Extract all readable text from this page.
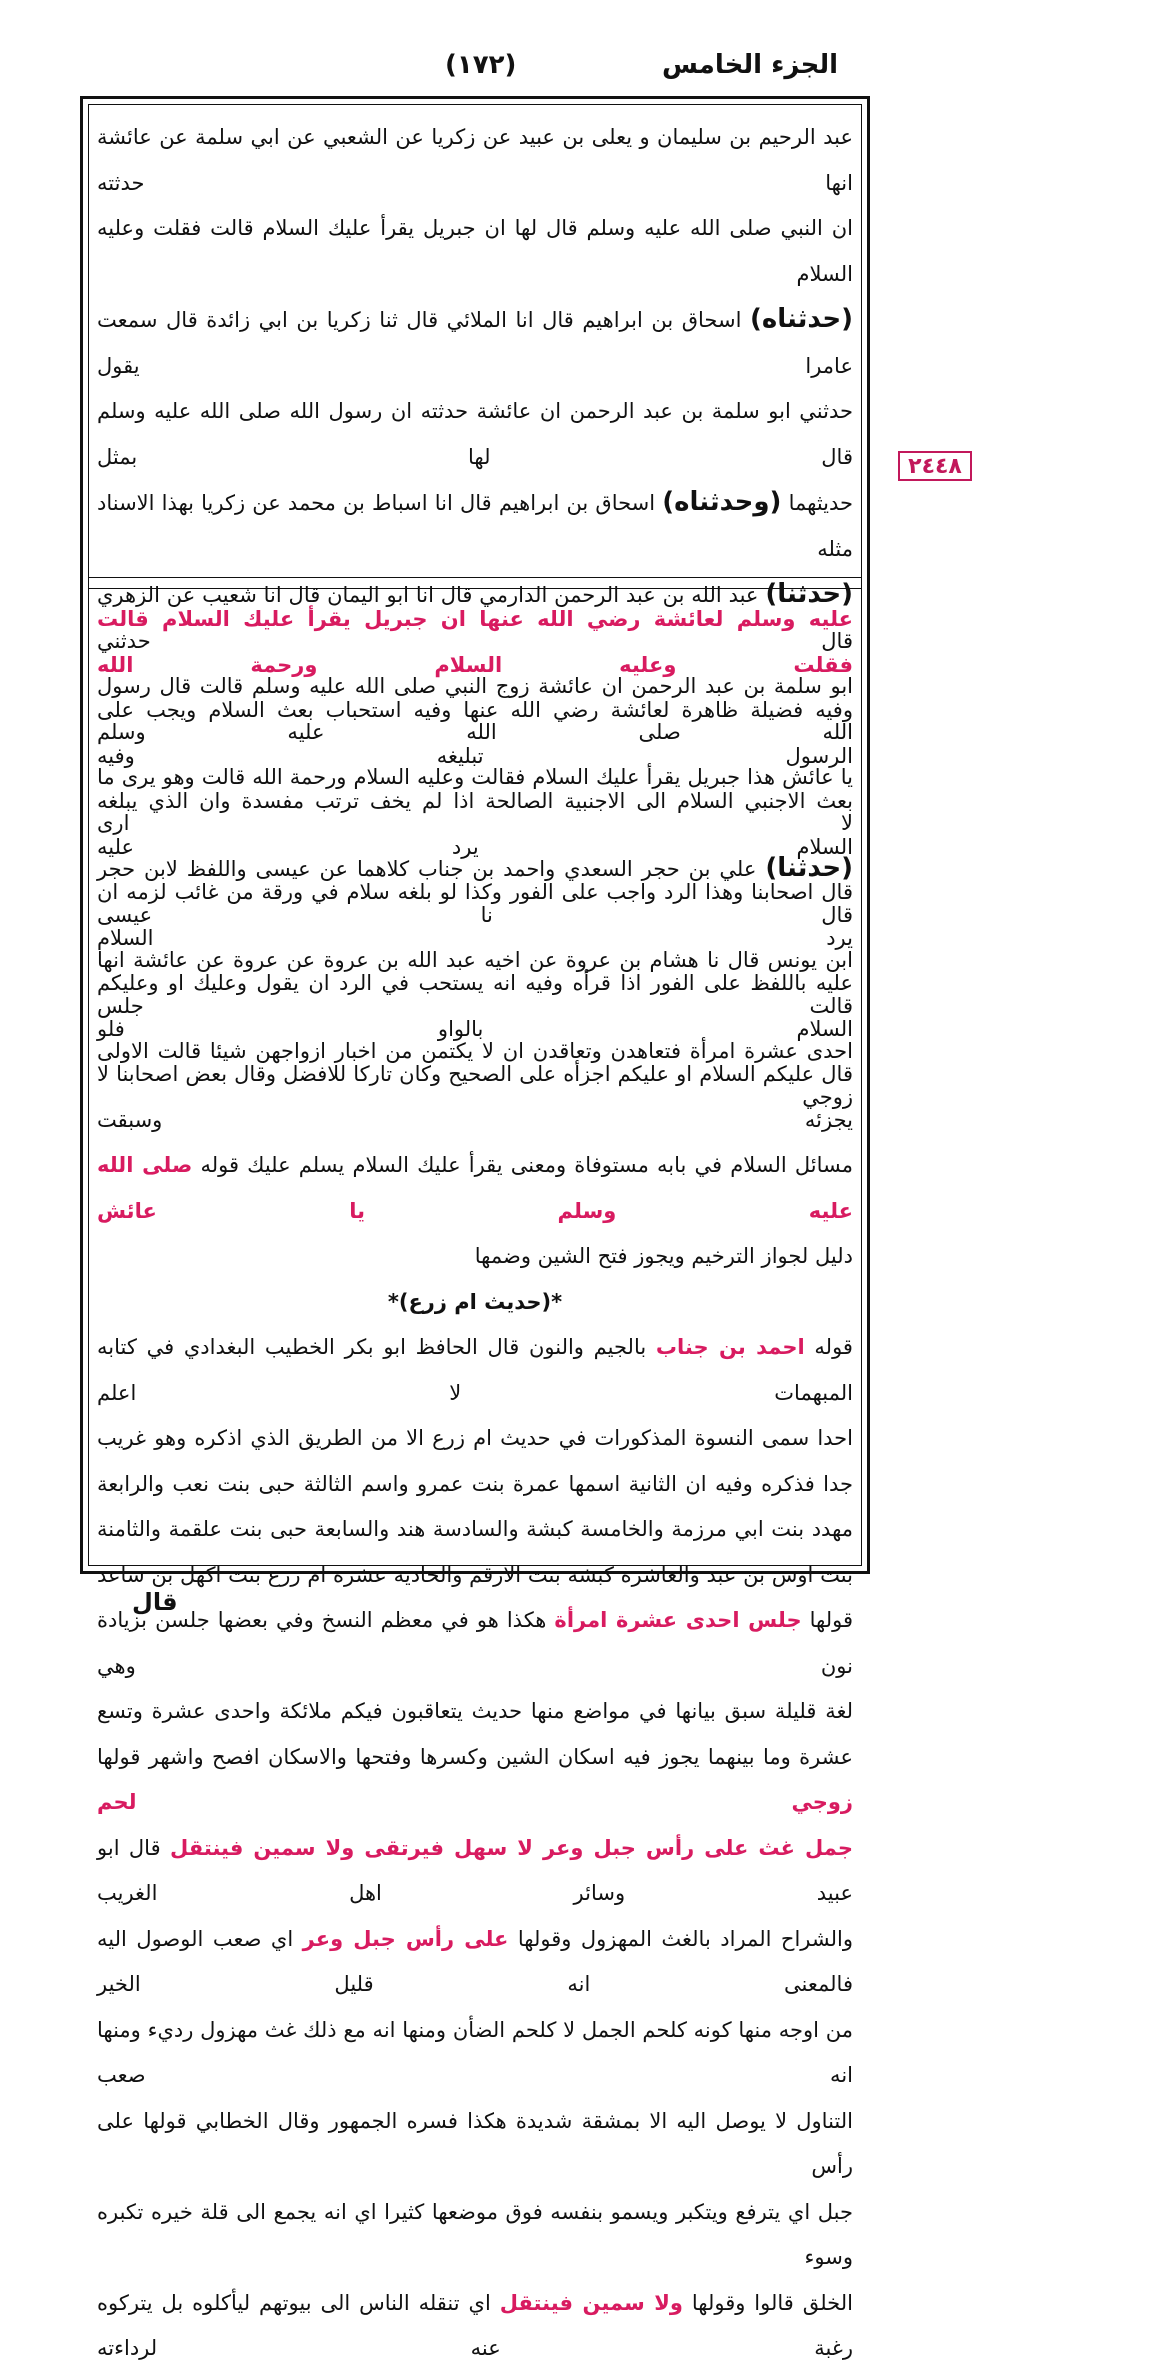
الجزء الخامس
(١٧٢)
٢٤٤٨

عبد الرحيم بن سليمان و يعلى بن عبيد عن زكريا عن الشعبي عن ابي سلمة عن عائشة انها حدثته

ان النبي صلى الله عليه وسلم قال لها ان جبريل يقرأ عليك السلام قالت فقلت وعليه السلام

(حدثناه) اسحاق بن ابراهيم قال انا الملائي قال ثنا زكريا بن ابي زائدة قال سمعت عامرا يقول

حدثني ابو سلمة بن عبد الرحمن ان عائشة حدثته ان رسول الله صلى الله عليه وسلم قال لها بمثل

حديثهما (وحدثناه) اسحاق بن ابراهيم قال انا اسباط بن محمد عن زكريا بهذا الاسناد مثله

(حدثنا) عبد الله بن عبد الرحمن الدارمي قال انا ابو اليمان قال انا شعيب عن الزهري قال حدثني

ابو سلمة بن عبد الرحمن ان عائشة زوج النبي صلى الله عليه وسلم قالت قال رسول الله صلى الله عليه وسلم

يا عائش هذا جبريل يقرأ عليك السلام فقالت وعليه السلام ورحمة الله قالت وهو يرى ما لا ارى

(حدثنا) علي بن حجر السعدي واحمد بن جناب كلاهما عن عيسى واللفظ لابن حجر قال نا عيسى

ابن يونس قال نا هشام بن عروة عن اخيه عبد الله بن عروة عن عروة عن عائشة انها قالت جلس

احدى عشرة امرأة فتعاهدن وتعاقدن ان لا يكتمن من اخبار ازواجهن شيئا قالت الاولى زوجي

عليه وسلم لعائشة رضي الله عنها ان جبريل يقرأ عليك السلام قالت فقلت وعليه السلام ورحمة الله

وفيه فضيلة ظاهرة لعائشة رضي الله عنها وفيه استحباب بعث السلام ويجب على الرسول تبليغه وفيه

بعث الاجنبي السلام الى الاجنبية الصالحة اذا لم يخف ترتب مفسدة وان الذي يبلغه السلام يرد عليه

قال اصحابنا وهذا الرد واجب على الفور وكذا لو بلغه سلام في ورقة من غائب لزمه ان يرد السلام

عليه باللفظ على الفور اذا قرأه وفيه انه يستحب في الرد ان يقول وعليك او وعليكم السلام بالواو فلو

قال عليكم السلام او عليكم اجزأه على الصحيح وكان تاركا للافضل وقال بعض اصحابنا لا يجزئه وسبقت

مسائل السلام في بابه مستوفاة ومعنى يقرأ عليك السلام يسلم عليك قوله صلى الله عليه وسلم يا عائش

دليل لجواز الترخيم ويجوز فتح الشين وضمها

*(حديث ام زرع)*

قوله احمد بن جناب بالجيم والنون قال الحافظ ابو بكر الخطيب البغدادي في كتابه المبهمات لا اعلم

احدا سمى النسوة المذكورات في حديث ام زرع الا من الطريق الذي اذكره وهو غريب

جدا فذكره وفيه ان الثانية اسمها عمرة بنت عمرو واسم الثالثة حبى بنت نعب والرابعة

مهدد بنت ابي مرزمة والخامسة كبشة والسادسة هند والسابعة حبى بنت علقمة والثامنة

بنت اوس بن عبد والعاشرة كبشة بنت الارقم والحادية عشرة ام زرع بنت اكهل بن ساعد

قولها جلس احدى عشرة امرأة هكذا هو في معظم النسخ وفي بعضها جلسن بزيادة نون وهي

لغة قليلة سبق بيانها في مواضع منها حديث يتعاقبون فيكم ملائكة واحدى عشرة وتسع

عشرة وما بينهما يجوز فيه اسكان الشين وكسرها وفتحها والاسكان افصح واشهر قولها زوجي لحم

جمل غث على رأس جبل وعر لا سهل فيرتقى ولا سمين فينتقل قال ابو عبيد وسائر اهل الغريب

والشراح المراد بالغث المهزول وقولها على رأس جبل وعر اي صعب الوصول اليه فالمعنى انه قليل الخير

من اوجه منها كونه كلحم الجمل لا كلحم الضأن ومنها انه مع ذلك غث مهزول رديء ومنها انه صعب

التناول لا يوصل اليه الا بمشقة شديدة هكذا فسره الجمهور وقال الخطابي قولها على رأس

جبل اي يترفع ويتكبر ويسمو بنفسه فوق موضعها كثيرا اي انه يجمع الى قلة خيره تكبره وسوء

الخلق قالوا وقولها ولا سمين فينتقل اي تنقله الناس الى بيوتهم ليأكلوه بل يتركوه رغبة عنه لرداءته

قال
